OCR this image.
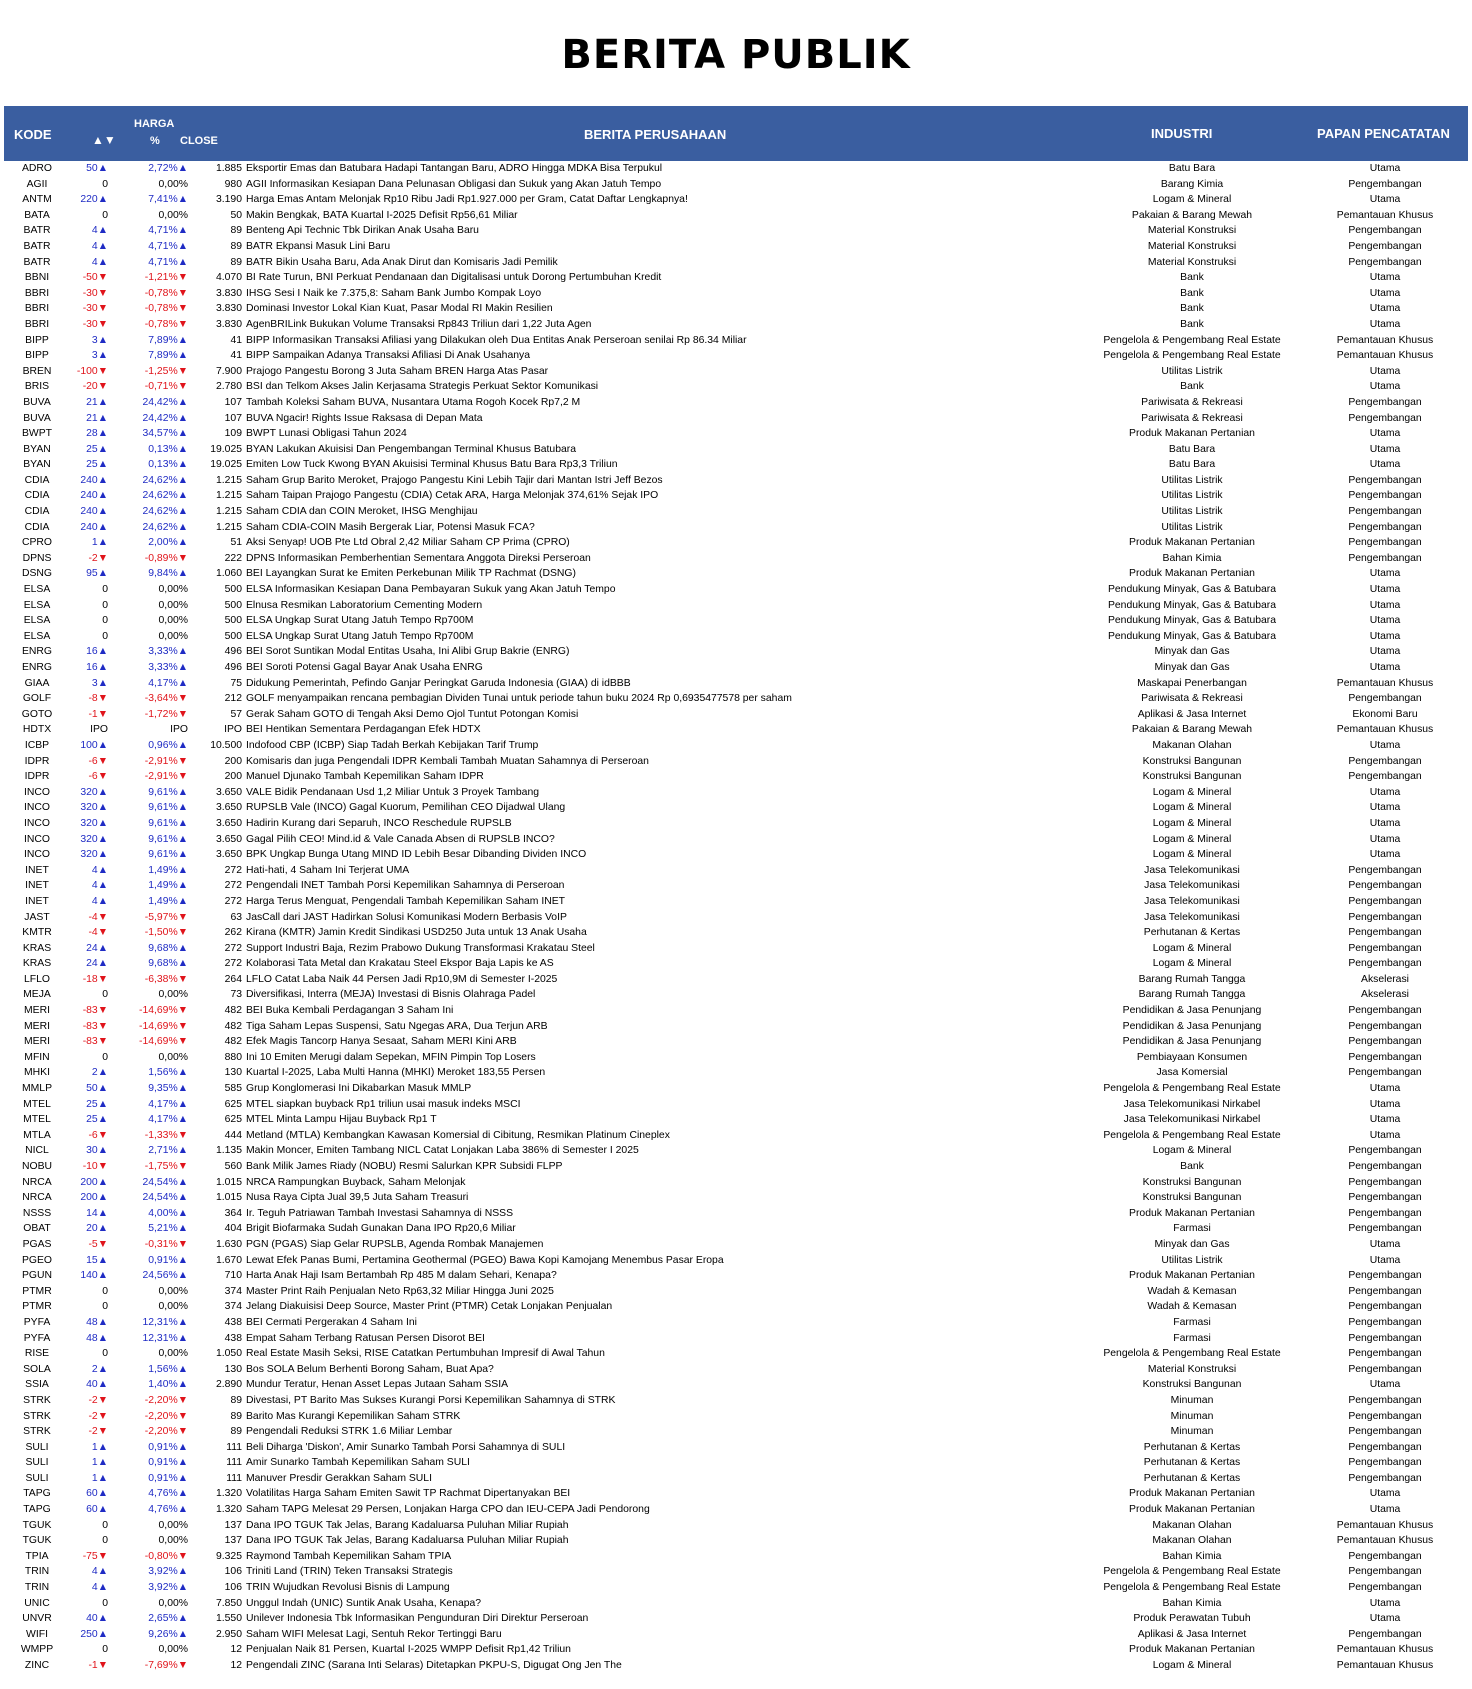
BERITA PUBLIK
KODE	▲▼
HARGA
% CLOSE	BERITA PERUSAHAAN	INDUSTRI	PAPAN PENCATATAN
ADRO	50▲	2,72%▲	1.885 Eksportir Emas dan Batubara Hadapi Tantangan Baru, ADRO Hingga MDKA Bisa Terpukul	Batu Bara	Utama
AGII	0	0,00%	980 AGII Informasikan Kesiapan Dana Pelunasan Obligasi dan Sukuk yang Akan Jatuh Tempo	Barang Kimia	Pengembangan
ANTM	220▲	7,41%▲	3.190 Harga Emas Antam Melonjak Rp10 Ribu Jadi Rp1.927.000 per Gram, Catat Daftar Lengkapnya!	Logam & Mineral	Utama
BATA	0	0,00%	50 Makin Bengkak, BATA Kuartal I-2025 Defisit Rp56,61 Miliar	Pakaian & Barang Mewah	Pemantauan Khusus
BATR	4▲	4,71%▲	89 Benteng Api Technic Tbk Dirikan Anak Usaha Baru	Material Konstruksi	Pengembangan
BATR	4▲	4,71%▲	89 BATR Ekpansi Masuk Lini Baru	Material Konstruksi	Pengembangan
BATR	4▲	4,71%▲	89 BATR Bikin Usaha Baru, Ada Anak Dirut dan Komisaris Jadi Pemilik	Material Konstruksi	Pengembangan
BBNI	-50▼	-1,21%▼	4.070 BI Rate Turun, BNI Perkuat Pendanaan dan Digitalisasi untuk Dorong Pertumbuhan Kredit	Bank	Utama
BBRI	-30▼	-0,78%▼	3.830 IHSG Sesi I Naik ke 7.375,8: Saham Bank Jumbo Kompak Loyo	Bank	Utama
BBRI	-30▼	-0,78%▼	3.830 Dominasi Investor Lokal Kian Kuat, Pasar Modal RI Makin Resilien	Bank	Utama
BBRI	-30▼	-0,78%▼	3.830 AgenBRILink Bukukan Volume Transaksi Rp843 Triliun dari 1,22 Juta Agen	Bank	Utama
BIPP	3▲	7,89%▲	41 BIPP Informasikan Transaksi Afiliasi yang Dilakukan oleh Dua Entitas Anak Perseroan senilai Rp 86.34 Miliar	Pengelola & Pengembang Real Estate	Pemantauan Khusus
BIPP	3▲	7,89%▲	41 BIPP Sampaikan Adanya Transaksi Afiliasi Di Anak Usahanya	Pengelola & Pengembang Real Estate	Pemantauan Khusus
BREN	-100▼	-1,25%▼	7.900 Prajogo Pangestu Borong 3 Juta Saham BREN Harga Atas Pasar	Utilitas Listrik	Utama
BRIS	-20▼	-0,71%▼	2.780 BSI dan Telkom Akses Jalin Kerjasama Strategis Perkuat Sektor Komunikasi	Bank	Utama
BUVA	21▲	24,42%▲	107 Tambah Koleksi Saham BUVA, Nusantara Utama Rogoh Kocek Rp7,2 M	Pariwisata & Rekreasi	Pengembangan
BUVA	21▲	24,42%▲	107 BUVA Ngacir! Rights Issue Raksasa di Depan Mata	Pariwisata & Rekreasi	Pengembangan
BWPT	28▲	34,57%▲	109 BWPT Lunasi Obligasi Tahun 2024	Produk Makanan Pertanian	Utama
BYAN	25▲	0,13%▲	19.025 BYAN Lakukan Akuisisi Dan Pengembangan Terminal Khusus Batubara	Batu Bara	Utama
BYAN	25▲	0,13%▲	19.025 Emiten Low Tuck Kwong BYAN Akuisisi Terminal Khusus Batu Bara Rp3,3 Triliun	Batu Bara	Utama
CDIA	240▲	24,62%▲	1.215 Saham Grup Barito Meroket, Prajogo Pangestu Kini Lebih Tajir dari Mantan Istri Jeff Bezos	Utilitas Listrik	Pengembangan
CDIA	240▲	24,62%▲	1.215 Saham Taipan Prajogo Pangestu (CDIA) Cetak ARA, Harga Melonjak 374,61% Sejak IPO	Utilitas Listrik	Pengembangan
CDIA	240▲	24,62%▲	1.215 Saham CDIA dan COIN Meroket, IHSG Menghijau	Utilitas Listrik	Pengembangan
CDIA	240▲	24,62%▲	1.215 Saham CDIA-COIN Masih Bergerak Liar, Potensi Masuk FCA?	Utilitas Listrik	Pengembangan
CPRO	1▲	2,00%▲	51 Aksi Senyap! UOB Pte Ltd Obral 2,42 Miliar Saham CP Prima (CPRO)	Produk Makanan Pertanian	Pengembangan
DPNS	-2▼	-0,89%▼	222 DPNS Informasikan Pemberhentian Sementara Anggota Direksi Perseroan	Bahan Kimia	Pengembangan
DSNG	95▲	9,84%▲	1.060 BEI Layangkan Surat ke Emiten Perkebunan Milik TP Rachmat (DSNG)	Produk Makanan Pertanian	Utama
ELSA	0	0,00%	500 ELSA Informasikan Kesiapan Dana Pembayaran Sukuk yang Akan Jatuh Tempo	Pendukung Minyak, Gas & Batubara	Utama
ELSA	0	0,00%	500 Elnusa Resmikan Laboratorium Cementing Modern	Pendukung Minyak, Gas & Batubara	Utama
ELSA	0	0,00%	500 ELSA Ungkap Surat Utang Jatuh Tempo Rp700M	Pendukung Minyak, Gas & Batubara	Utama
ELSA	0	0,00%	500 ELSA Ungkap Surat Utang Jatuh Tempo Rp700M	Pendukung Minyak, Gas & Batubara	Utama
ENRG	16▲	3,33%▲	496 BEI Sorot Suntikan Modal Entitas Usaha, Ini Alibi Grup Bakrie (ENRG)	Minyak dan Gas	Utama
ENRG	16▲	3,33%▲	496 BEI Soroti Potensi Gagal Bayar Anak Usaha ENRG	Minyak dan Gas	Utama
GIAA	3▲	4,17%▲	75 Didukung Pemerintah, Pefindo Ganjar Peringkat Garuda Indonesia (GIAA) di idBBB	Maskapai Penerbangan	Pemantauan Khusus
GOLF	-8▼	-3,64%▼	212 GOLF menyampaikan rencana pembagian Dividen Tunai untuk periode tahun buku 2024 Rp 0,6935477578 per saham	Pariwisata & Rekreasi	Pengembangan
GOTO	-1▼	-1,72%▼	57 Gerak Saham GOTO di Tengah Aksi Demo Ojol Tuntut Potongan Komisi	Aplikasi & Jasa Internet	Ekonomi Baru
HDTX	IPO	IPO	IPO BEI Hentikan Sementara Perdagangan Efek HDTX	Pakaian & Barang Mewah	Pemantauan Khusus
ICBP	100▲	0,96%▲	10.500 Indofood CBP (ICBP) Siap Tadah Berkah Kebijakan Tarif Trump	Makanan Olahan	Utama
IDPR	-6▼	-2,91%▼	200 Komisaris dan juga Pengendali IDPR Kembali Tambah Muatan Sahamnya di Perseroan	Konstruksi Bangunan	Pengembangan
IDPR	-6▼	-2,91%▼	200 Manuel Djunako Tambah Kepemilikan Saham IDPR	Konstruksi Bangunan	Pengembangan
INCO	320▲	9,61%▲	3.650 VALE Bidik Pendanaan Usd 1,2 Miliar Untuk 3 Proyek Tambang	Logam & Mineral	Utama
INCO	320▲	9,61%▲	3.650 RUPSLB Vale (INCO) Gagal Kuorum, Pemilihan CEO Dijadwal Ulang	Logam & Mineral	Utama
INCO	320▲	9,61%▲	3.650 Hadirin Kurang dari Separuh, INCO Reschedule RUPSLB	Logam & Mineral	Utama
INCO	320▲	9,61%▲	3.650 Gagal Pilih CEO! Mind.id & Vale Canada Absen di RUPSLB INCO?	Logam & Mineral	Utama
INCO	320▲	9,61%▲	3.650 BPK Ungkap Bunga Utang MIND ID Lebih Besar Dibanding Dividen INCO	Logam & Mineral	Utama
INET	4▲	1,49%▲	272 Hati-hati, 4 Saham Ini Terjerat UMA	Jasa Telekomunikasi	Pengembangan
INET	4▲	1,49%▲	272 Pengendali INET Tambah Porsi Kepemilikan Sahamnya di Perseroan	Jasa Telekomunikasi	Pengembangan
INET	4▲	1,49%▲	272 Harga Terus Menguat, Pengendali Tambah Kepemilikan Saham INET	Jasa Telekomunikasi	Pengembangan
JAST	-4▼	-5,97%▼	63 JasCall dari JAST Hadirkan Solusi Komunikasi Modern Berbasis VoIP	Jasa Telekomunikasi	Pengembangan
KMTR	-4▼	-1,50%▼	262 Kirana (KMTR) Jamin Kredit Sindikasi USD250 Juta untuk 13 Anak Usaha	Perhutanan & Kertas	Pengembangan
KRAS	24▲	9,68%▲	272 Support Industri Baja, Rezim Prabowo Dukung Transformasi Krakatau Steel	Logam & Mineral	Pengembangan
KRAS	24▲	9,68%▲	272 Kolaborasi Tata Metal dan Krakatau Steel Ekspor Baja Lapis ke AS	Logam & Mineral	Pengembangan
LFLO	-18▼	-6,38%▼	264 LFLO Catat Laba Naik 44 Persen Jadi Rp10,9M di Semester I-2025	Barang Rumah Tangga	Akselerasi
MEJA	0	0,00%	73 Diversifikasi, Interra (MEJA) Investasi di Bisnis Olahraga Padel	Barang Rumah Tangga	Akselerasi
MERI	-83▼	-14,69%▼	482 BEI Buka Kembali Perdagangan 3 Saham Ini	Pendidikan & Jasa Penunjang	Pengembangan
MERI	-83▼	-14,69%▼	482 Tiga Saham Lepas Suspensi, Satu Ngegas ARA, Dua Terjun ARB	Pendidikan & Jasa Penunjang	Pengembangan
MERI	-83▼	-14,69%▼	482 Efek Magis Tancorp Hanya Sesaat, Saham MERI Kini ARB	Pendidikan & Jasa Penunjang	Pengembangan
MFIN	0	0,00%	880 Ini 10 Emiten Merugi dalam Sepekan, MFIN Pimpin Top Losers	Pembiayaan Konsumen	Pengembangan
MHKI	2▲	1,56%▲	130 Kuartal I-2025, Laba Multi Hanna (MHKI) Meroket 183,55 Persen	Jasa Komersial	Pengembangan
MMLP	50▲	9,35%▲	585 Grup Konglomerasi Ini Dikabarkan Masuk MMLP	Pengelola & Pengembang Real Estate	Utama
MTEL	25▲	4,17%▲	625 MTEL siapkan buyback Rp1 triliun usai masuk indeks MSCI	Jasa Telekomunikasi Nirkabel	Utama
MTEL	25▲	4,17%▲	625 MTEL Minta Lampu Hijau Buyback Rp1 T	Jasa Telekomunikasi Nirkabel	Utama
MTLA	-6▼	-1,33%▼	444 Metland (MTLA) Kembangkan Kawasan Komersial di Cibitung, Resmikan Platinum Cineplex	Pengelola & Pengembang Real Estate	Utama
NICL	30▲	2,71%▲	1.135 Makin Moncer, Emiten Tambang NICL Catat Lonjakan Laba 386% di Semester I 2025	Logam & Mineral	Pengembangan
NOBU	-10▼	-1,75%▼	560 Bank Milik James Riady (NOBU) Resmi Salurkan KPR Subsidi FLPP	Bank	Pengembangan
NRCA	200▲	24,54%▲	1.015 NRCA Rampungkan Buyback, Saham Melonjak	Konstruksi Bangunan	Pengembangan
NRCA	200▲	24,54%▲	1.015 Nusa Raya Cipta Jual 39,5 Juta Saham Treasuri	Konstruksi Bangunan	Pengembangan
NSSS	14▲	4,00%▲	364 Ir. Teguh Patriawan Tambah Investasi Sahamnya di NSSS	Produk Makanan Pertanian	Pengembangan
OBAT	20▲	5,21%▲	404 Brigit Biofarmaka Sudah Gunakan Dana IPO Rp20,6 Miliar	Farmasi	Pengembangan
PGAS	-5▼	-0,31%▼	1.630 PGN (PGAS) Siap Gelar RUPSLB, Agenda Rombak Manajemen	Minyak dan Gas	Utama
PGEO	15▲	0,91%▲	1.670 Lewat Efek Panas Bumi, Pertamina Geothermal (PGEO) Bawa Kopi Kamojang Menembus Pasar Eropa	Utilitas Listrik	Utama
PGUN	140▲	24,56%▲	710 Harta Anak Haji Isam Bertambah Rp 485 M dalam Sehari, Kenapa?	Produk Makanan Pertanian	Pengembangan
PTMR	0	0,00%	374 Master Print Raih Penjualan Neto Rp63,32 Miliar Hingga Juni 2025	Wadah & Kemasan	Pengembangan
PTMR	0	0,00%	374 Jelang Diakuisisi Deep Source, Master Print (PTMR) Cetak Lonjakan Penjualan	Wadah & Kemasan	Pengembangan
PYFA	48▲	12,31%▲	438 BEI Cermati Pergerakan 4 Saham Ini	Farmasi	Pengembangan
PYFA	48▲	12,31%▲	438 Empat Saham Terbang Ratusan Persen Disorot BEI	Farmasi	Pengembangan
RISE	0	0,00%	1.050 Real Estate Masih Seksi, RISE Catatkan Pertumbuhan Impresif di Awal Tahun	Pengelola & Pengembang Real Estate	Pengembangan
SOLA	2▲	1,56%▲	130 Bos SOLA Belum Berhenti Borong Saham, Buat Apa?	Material Konstruksi	Pengembangan
SSIA	40▲	1,40%▲	2.890 Mundur Teratur, Henan Asset Lepas Jutaan Saham SSIA	Konstruksi Bangunan	Utama
STRK	-2▼	-2,20%▼	89 Divestasi, PT Barito Mas Sukses Kurangi Porsi Kepemilikan Sahamnya di STRK	Minuman	Pengembangan
STRK	-2▼	-2,20%▼	89 Barito Mas Kurangi Kepemilikan Saham STRK	Minuman	Pengembangan
STRK	-2▼	-2,20%▼	89 Pengendali Reduksi STRK 1.6 Miliar Lembar	Minuman	Pengembangan
SULI	1▲	0,91%▲	111 Beli Diharga 'Diskon', Amir Sunarko Tambah Porsi Sahamnya di SULI	Perhutanan & Kertas	Pengembangan
SULI	1▲	0,91%▲	111 Amir Sunarko Tambah Kepemilikan Saham SULI	Perhutanan & Kertas	Pengembangan
SULI	1▲	0,91%▲	111 Manuver Presdir Gerakkan Saham SULI	Perhutanan & Kertas	Pengembangan
TAPG	60▲	4,76%▲	1.320 Volatilitas Harga Saham Emiten Sawit TP Rachmat Dipertanyakan BEI	Produk Makanan Pertanian	Utama
TAPG	60▲	4,76%▲	1.320 Saham TAPG Melesat 29 Persen, Lonjakan Harga CPO dan IEU-CEPA Jadi Pendorong	Produk Makanan Pertanian	Utama
TGUK	0	0,00%	137 Dana IPO TGUK Tak Jelas, Barang Kadaluarsa Puluhan Miliar Rupiah	Makanan Olahan	Pemantauan Khusus
TGUK	0	0,00%	137 Dana IPO TGUK Tak Jelas, Barang Kadaluarsa Puluhan Miliar Rupiah	Makanan Olahan	Pemantauan Khusus
TPIA	-75▼	-0,80%▼	9.325 Raymond Tambah Kepemilikan Saham TPIA	Bahan Kimia	Pengembangan
TRIN	4▲	3,92%▲	106 Triniti Land (TRIN) Teken Transaksi Strategis	Pengelola & Pengembang Real Estate	Pengembangan
TRIN	4▲	3,92%▲	106 TRIN Wujudkan Revolusi Bisnis di Lampung	Pengelola & Pengembang Real Estate	Pengembangan
UNIC	0	0,00%	7.850 Unggul Indah (UNIC) Suntik Anak Usaha, Kenapa?	Bahan Kimia	Utama
UNVR	40▲	2,65%▲	1.550 Unilever Indonesia Tbk Informasikan Pengunduran Diri Direktur Perseroan	Produk Perawatan Tubuh	Utama
WIFI	250▲	9,26%▲	2.950 Saham WIFI Melesat Lagi, Sentuh Rekor Tertinggi Baru	Aplikasi & Jasa Internet	Pengembangan
WMPP	0	0,00%	12 Penjualan Naik 81 Persen, Kuartal I-2025 WMPP Defisit Rp1,42 Triliun	Produk Makanan Pertanian	Pemantauan Khusus
ZINC	-1▼	-7,69%▼	12 Pengendali ZINC (Sarana Inti Selaras) Ditetapkan PKPU-S, Digugat Ong Jen The	Logam & Mineral	Pemantauan Khusus
